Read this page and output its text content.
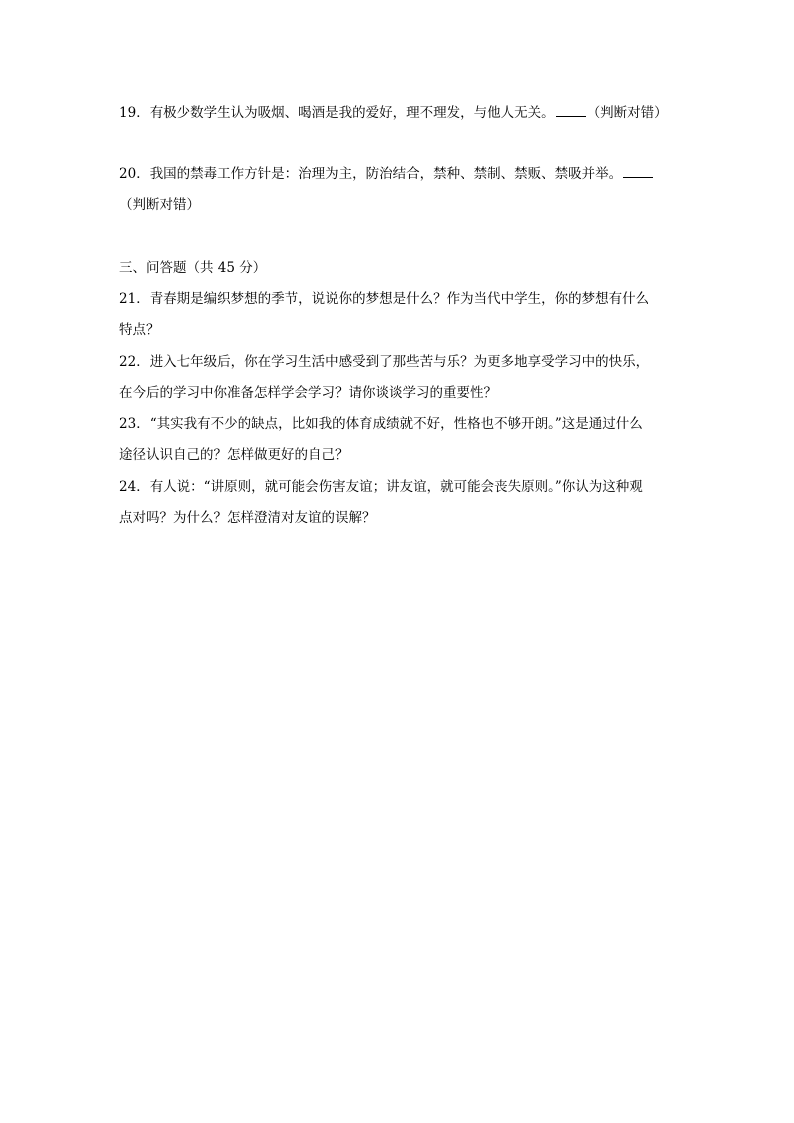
19．有极少数学生认为吸烟、喝酒是我的爱好，理不理发，与他人无关。 （判断对错）
20．我国的禁毒工作方针是：治理为主，防治结合，禁种、禁制、禁贩、禁吸并举。
（判断对错）
三、问答题（共 45 分）
21．青春期是编织梦想的季节，说说你的梦想是什么？作为当代中学生，你的梦想有什么
特点？
22．进入七年级后，你在学习生活中感受到了那些苦与乐？为更多地享受学习中的快乐，
在今后的学习中你准备怎样学会学习？请你谈谈学习的重要性？
23．“其实我有不少的缺点，比如我的体育成绩就不好，性格也不够开朗。”这是通过什么
途径认识自己的？怎样做更好的自己？
24．有人说：“讲原则，就可能会伤害友谊；讲友谊，就可能会丧失原则。”你认为这种观
点对吗？为什么？怎样澄清对友谊的误解？
